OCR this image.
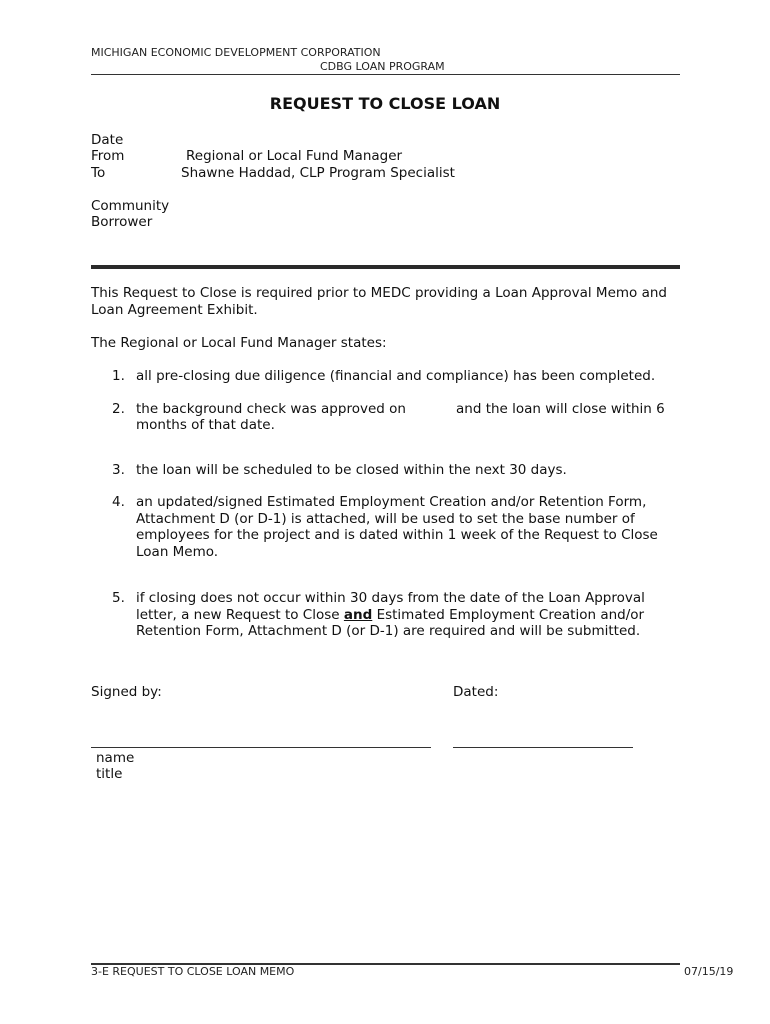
MICHIGAN ECONOMIC DEVELOPMENT CORPORATION
CDBG LOAN PROGRAM
REQUEST TO CLOSE LOAN
Date
From	Regional or Local Fund Manager
To	Shawne Haddad, CLP Program Specialist
Community
Borrower
This Request to Close is required prior to MEDC providing a Loan Approval Memo and Loan Agreement Exhibit.
The Regional or Local Fund Manager states:
1. all pre-closing due diligence (financial and compliance) has been completed.
2. the background check was approved on	and the loan will close within 6
months of that date.
3. the loan will be scheduled to be closed within the next 30 days.
4. an updated/signed Estimated Employment Creation and/or Retention Form, Attachment D (or D-1) is attached, will be used to set the base number of employees for the project and is dated within 1 week of the Request to Close Loan Memo.
5. if closing does not occur within 30 days from the date of the Loan Approval letter, a new Request to Close and Estimated Employment Creation and/or Retention Form, Attachment D (or D-1) are required and will be submitted.
Signed by:	Dated:
name
title
3-E REQUEST TO CLOSE LOAN MEMO	07/15/19
